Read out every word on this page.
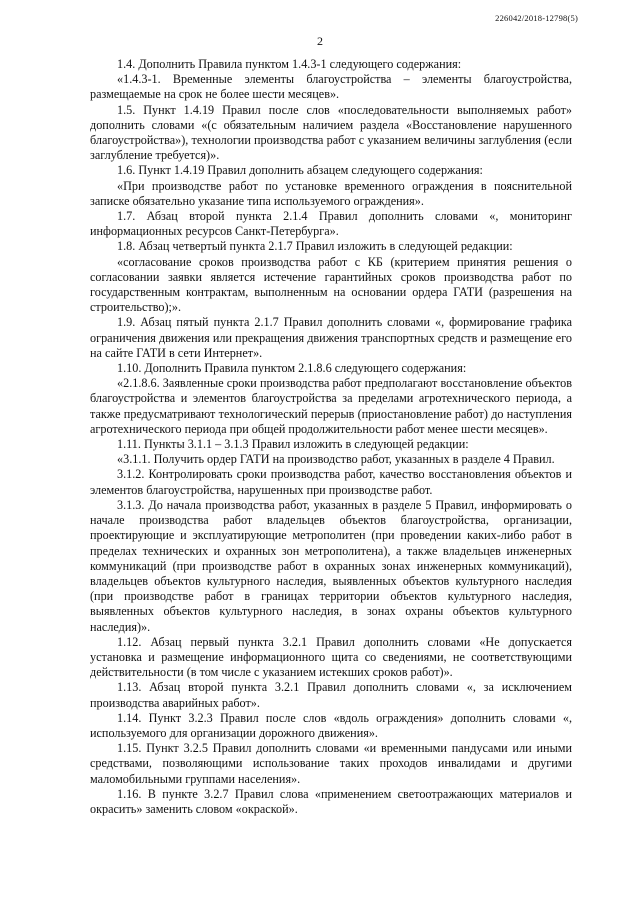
226042/2018-12798(5)
2

1.4. Дополнить Правила пунктом 1.4.3-1 следующего содержания:

«1.4.3-1. Временные элементы благоустройства – элементы благоустройства, размещаемые на срок не более шести месяцев».

1.5. Пункт 1.4.19 Правил после слов «последовательности выполняемых работ» дополнить словами «(с обязательным наличием раздела «Восстановление нарушенного благоустройства»), технологии производства работ с указанием величины заглубления (если заглубление требуется)».

1.6. Пункт 1.4.19 Правил дополнить абзацем следующего содержания:

«При производстве работ по установке временного ограждения в пояснительной записке обязательно указание типа используемого ограждения».

1.7. Абзац второй пункта 2.1.4 Правил дополнить словами «, мониторинг информационных ресурсов Санкт-Петербурга».

1.8. Абзац четвертый пункта 2.1.7 Правил изложить в следующей редакции:

«согласование сроков производства работ с КБ (критерием принятия решения о согласовании заявки является истечение гарантийных сроков производства работ по государственным контрактам, выполненным на основании ордера ГАТИ (разрешения на строительство);».

1.9. Абзац пятый пункта 2.1.7 Правил дополнить словами «, формирование графика ограничения движения или прекращения движения транспортных средств и размещение его на сайте ГАТИ в сети Интернет».

1.10. Дополнить Правила пунктом 2.1.8.6 следующего содержания:

«2.1.8.6. Заявленные сроки производства работ предполагают восстановление объектов благоустройства и элементов благоустройства за пределами агротехнического периода, а также предусматривают технологический перерыв (приостановление работ) до наступления агротехнического периода при общей продолжительности работ менее шести месяцев».

1.11. Пункты 3.1.1 – 3.1.3 Правил изложить в следующей редакции:

«3.1.1. Получить ордер ГАТИ на производство работ, указанных в разделе 4 Правил.

3.1.2. Контролировать сроки производства работ, качество восстановления объектов и элементов благоустройства, нарушенных при производстве работ.

3.1.3. До начала производства работ, указанных в разделе 5 Правил, информировать о начале производства работ владельцев объектов благоустройства, организации, проектирующие и эксплуатирующие метрополитен (при проведении каких-либо работ в пределах технических и охранных зон метрополитена), а также владельцев инженерных коммуникаций (при производстве работ в охранных зонах инженерных коммуникаций), владельцев объектов культурного наследия, выявленных объектов культурного наследия (при производстве работ в границах территории объектов культурного наследия, выявленных объектов культурного наследия, в зонах охраны объектов культурного наследия)».

1.12. Абзац первый пункта 3.2.1 Правил дополнить словами «Не допускается установка и размещение информационного щита со сведениями, не соответствующими действительности (в том числе с указанием истекших сроков работ)».

1.13. Абзац второй пункта 3.2.1 Правил дополнить словами «, за исключением производства аварийных работ».

1.14. Пункт 3.2.3 Правил после слов «вдоль ограждения» дополнить словами «, используемого для организации дорожного движения».

1.15. Пункт 3.2.5 Правил дополнить словами «и временными пандусами или иными средствами, позволяющими использование таких проходов инвалидами и другими маломобильными группами населения».

1.16. В пункте 3.2.7 Правил слова «применением светоотражающих материалов и окрасить» заменить словом «окраской».
